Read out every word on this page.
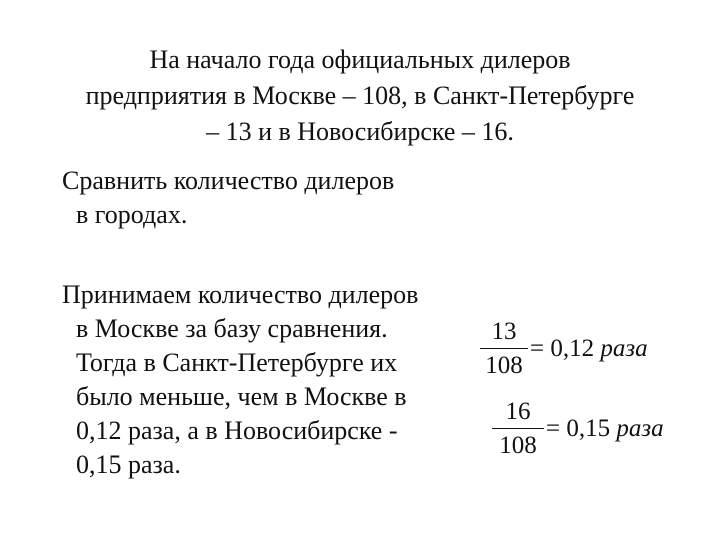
На начало года официальных дилеров
предприятия в Москве – 108, в Санкт-Петербурге
– 13 и в Новосибирске – 16.
Сравнить количество дилеров
в городах.
Принимаем количество дилеров
в Москве за базу сравнения.
Тогда в Санкт-Петербурге их
было меньше, чем в Москве в
0,12 раза, а в Новосибирске -
0,15 раза.
13
108
= 0,12 раза
16
108
= 0,15 раза
